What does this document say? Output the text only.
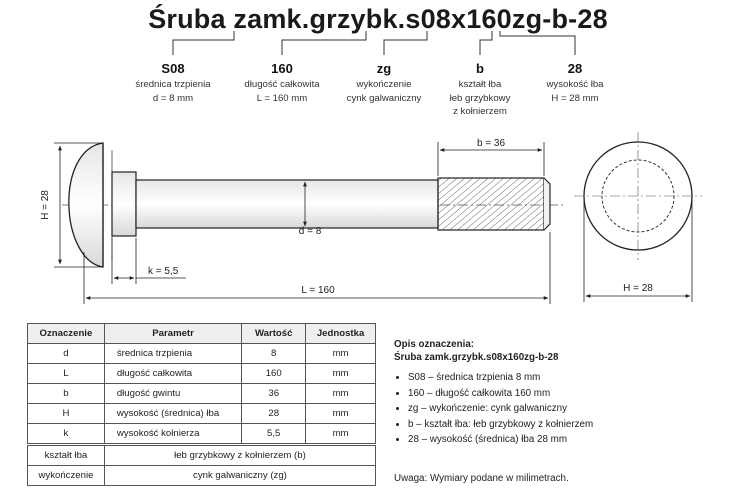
Śruba zamk.grzybk.s08x160zg-b-28
S08
średnica trzpienia
d = 8 mm
160
długość całkowita
L = 160 mm
zg
wykończenie
cynk galwaniczny
b
kształt łba
łeb grzybkowy
z kołnierzem
28
wysokość łba
H = 28 mm
H = 28
k = 5,5
L = 160
b = 36
d = 8
H = 28
Oznaczenie	Parametr	Wartość	Jednostka
d	średnica trzpienia	8	mm
L	długość całkowita	160	mm
b	długość gwintu	36	mm
H	wysokość (średnica) łba	28	mm
k	wysokość kołnierza	5,5	mm
kształt łba	łeb grzybkowy z kołnierzem (b)
wykończenie	cynk galwaniczny (zg)
Opis oznaczenia:
Śruba zamk.grzybk.s08x160zg-b-28
• S08 – średnica trzpienia 8 mm
• 160 – długość całkowita 160 mm
• zg – wykończenie: cynk galwaniczny
• b – kształt łba: łeb grzybkowy z kołnierzem
• 28 – wysokość (średnica) łba 28 mm
Uwaga: Wymiary podane w milimetrach.
